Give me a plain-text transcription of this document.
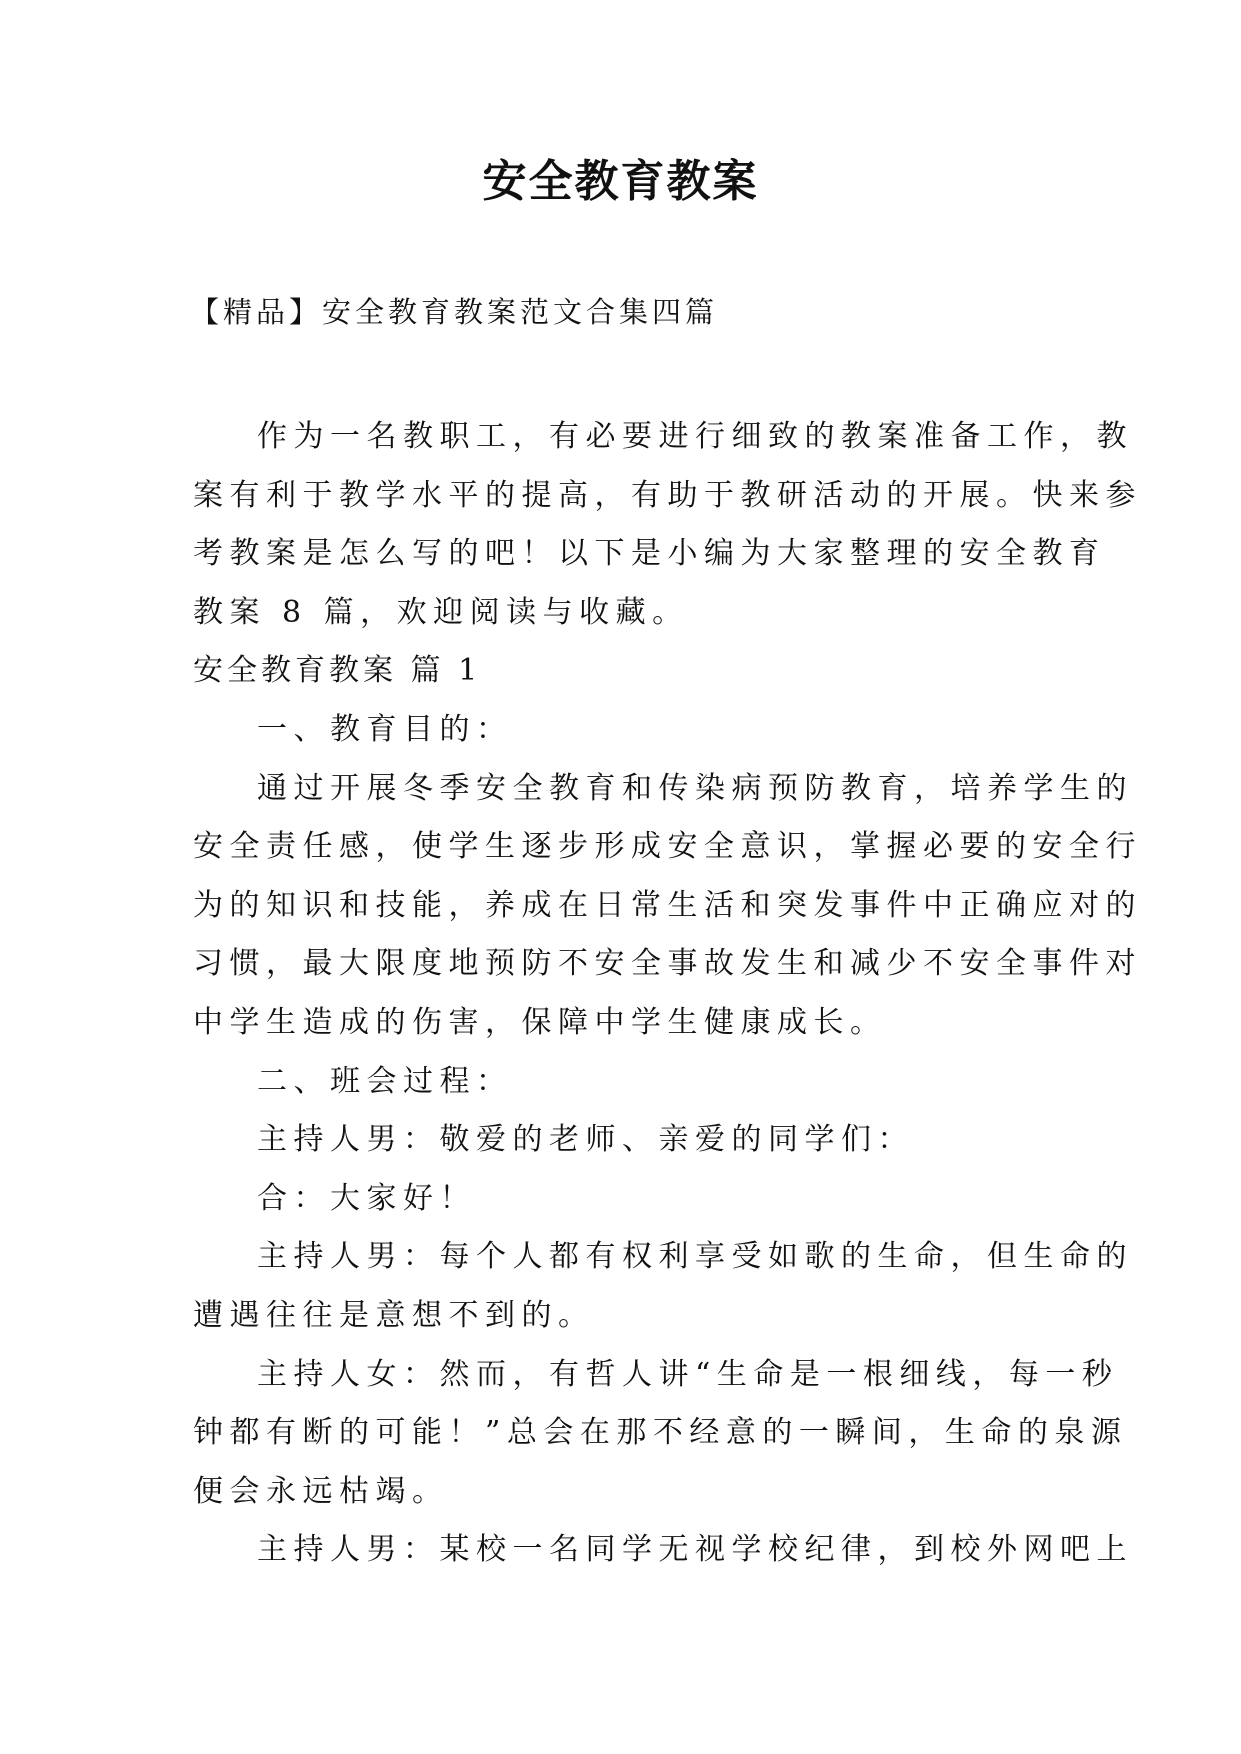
安全教育教案
【精品】安全教育教案范文合集四篇
作为一名教职工，有必要进行细致的教案准备工作，教
案有利于教学水平的提高，有助于教研活动的开展。快来参
考教案是怎么写的吧！以下是小编为大家整理的安全教育
教案 8 篇，欢迎阅读与收藏。
安全教育教案 篇 1
一、教育目的：
通过开展冬季安全教育和传染病预防教育，培养学生的
安全责任感，使学生逐步形成安全意识，掌握必要的安全行
为的知识和技能，养成在日常生活和突发事件中正确应对的
习惯，最大限度地预防不安全事故发生和减少不安全事件对
中学生造成的伤害，保障中学生健康成长。
二、班会过程：
主持人男：敬爱的老师、亲爱的同学们：
合：大家好！
主持人男：每个人都有权利享受如歌的生命，但生命的
遭遇往往是意想不到的。
主持人女：然而，有哲人讲“生命是一根细线，每一秒
钟都有断的可能！”总会在那不经意的一瞬间，生命的泉源
便会永远枯竭。
主持人男：某校一名同学无视学校纪律，到校外网吧上
